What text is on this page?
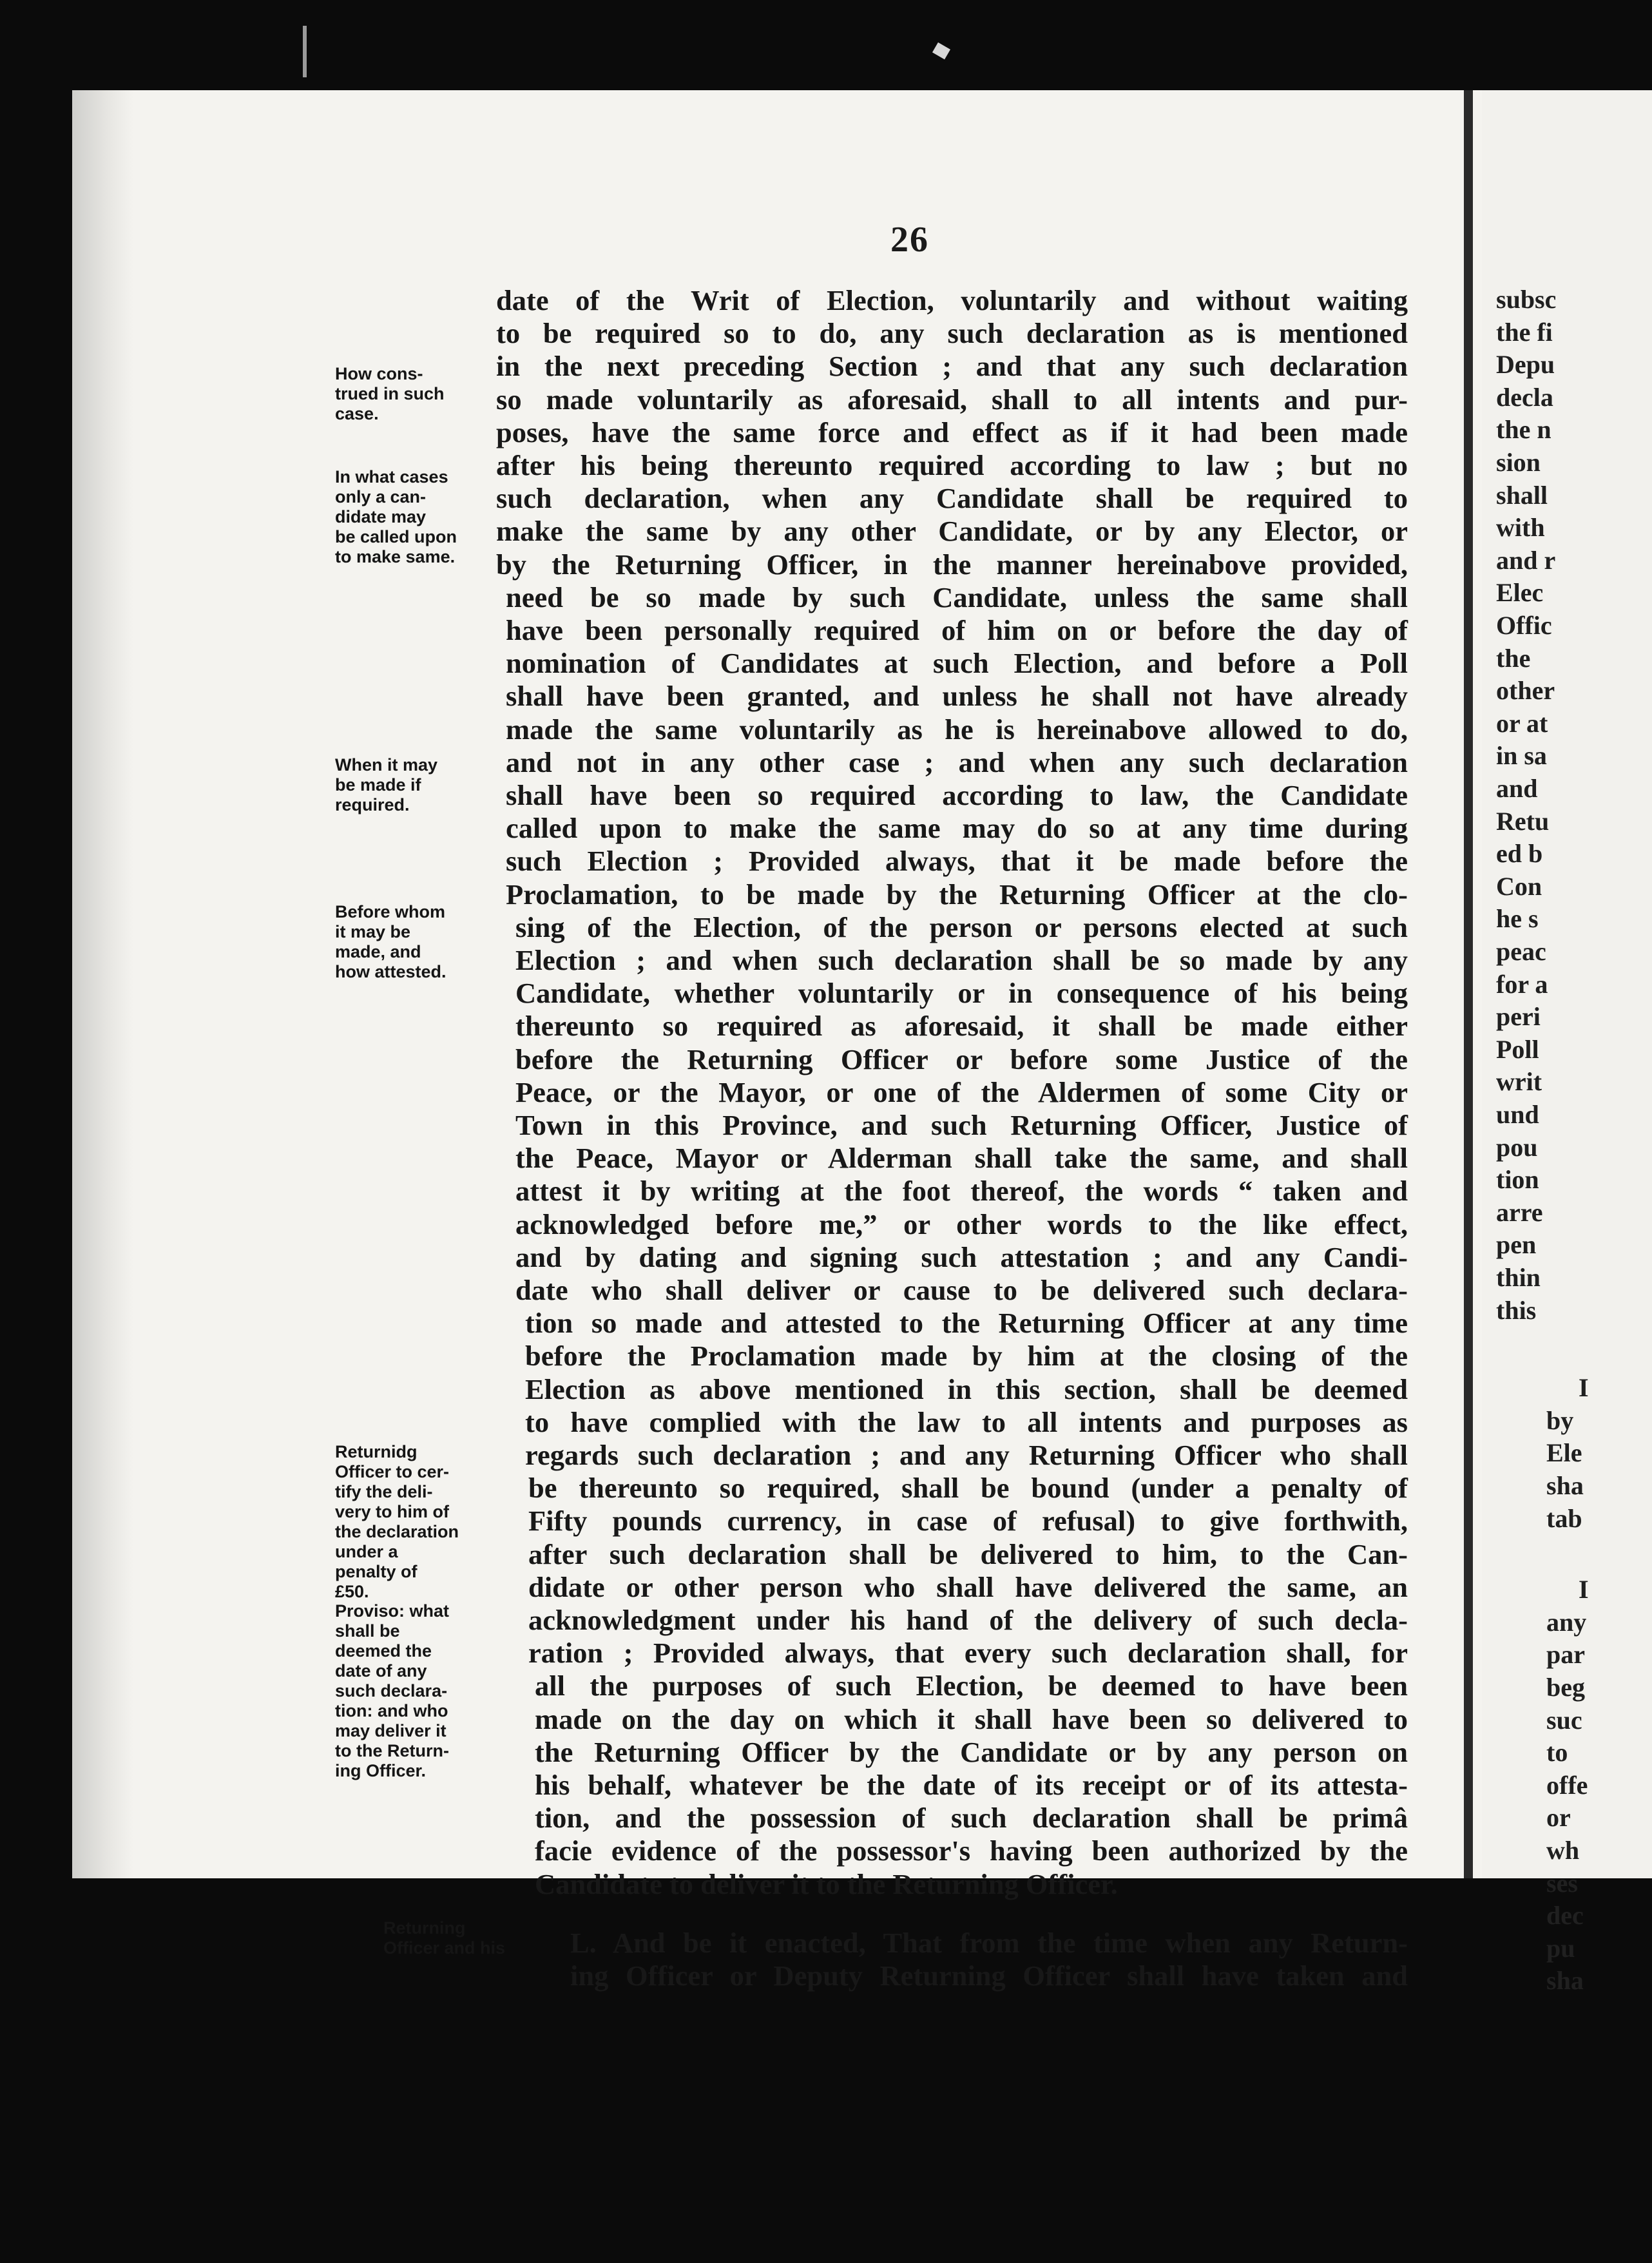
subsc
the fi
Depu
decla
the n
sion
shall
with
and r
Elec
Offic
the
other
or at
in sa
and
Retu
ed b
Con
he s
peac
for a
peri
Poll
writ
und
pou
tion
arre
pen
thin
this
I
by
Ele
sha
tab
I
any
par
beg
suc
to
offe
or
wh
ses
dec
pu
sha
26
How cons-
trued in such
case.
In what cases
only a can-
didate may
be called upon
to make same.
When it may
be made if
required.
Before whom
it may be
made, and
how attested.
Returnidg
Officer to cer-
tify the deli-
very to him of
the declaration
under a
penalty of
£50.
Proviso: what
shall be
deemed the
date of any
such declara-
tion: and who
may deliver it
to the Return-
ing Officer.
Returning
Officer and his
date of the Writ of Election, voluntarily and without waiting
to be required so to do, any such declaration as is mentioned
in the next preceding Section ; and that any such declaration
so made voluntarily as aforesaid, shall to all intents and pur-
poses, have the same force and effect as if it had been made
after his being thereunto required according to law ; but no
such declaration, when any Candidate shall be required to
make the same by any other Candidate, or by any Elector, or
by the Returning Officer, in the manner hereinabove provided,
need be so made by such Candidate, unless the same shall
have been personally required of him on or before the day of
nomination of Candidates at such Election, and before a Poll
shall have been granted, and unless he shall not have already
made the same voluntarily as he is hereinabove allowed to do,
and not in any other case ; and when any such declaration
shall have been so required according to law, the Candidate
called upon to make the same may do so at any time during
such Election ; Provided always, that it be made before the
Proclamation, to be made by the Returning Officer at the clo-
sing of the Election, of the person or persons elected at such
Election ; and when such declaration shall be so made by any
Candidate, whether voluntarily or in consequence of his being
thereunto so required as aforesaid, it shall be made either
before the Returning Officer or before some Justice of the
Peace, or the Mayor, or one of the Aldermen of some City or
Town in this Province, and such Returning Officer, Justice of
the Peace, Mayor or Alderman shall take the same, and shall
attest it by writing at the foot thereof, the words “ taken and
acknowledged before me,” or other words to the like effect,
and by dating and signing such attestation ; and any Candi-
date who shall deliver or cause to be delivered such declara-
tion so made and attested to the Returning Officer at any time
before the Proclamation made by him at the closing of the
Election as above mentioned in this section, shall be deemed
to have complied with the law to all intents and purposes as
regards such declaration ; and any Returning Officer who shall
be thereunto so required, shall be bound (under a penalty of
Fifty pounds currency, in case of refusal) to give forthwith,
after such declaration shall be delivered to him, to the Can-
didate or other person who shall have delivered the same, an
acknowledgment under his hand of the delivery of such decla-
ration ; Provided always, that every such declaration shall, for
all the purposes of such Election, be deemed to have been
made on the day on which it shall have been so delivered to
the Returning Officer by the Candidate or by any person on
his behalf, whatever be the date of its receipt or of its attesta-
tion, and the possession of such declaration shall be primâ
facie evidence of the possessor's having been authorized by the
Candidate to deliver it to the Returning Officer.
L. And be it enacted, That from the time when any Return-
ing Officer or Deputy Returning Officer shall have taken and
